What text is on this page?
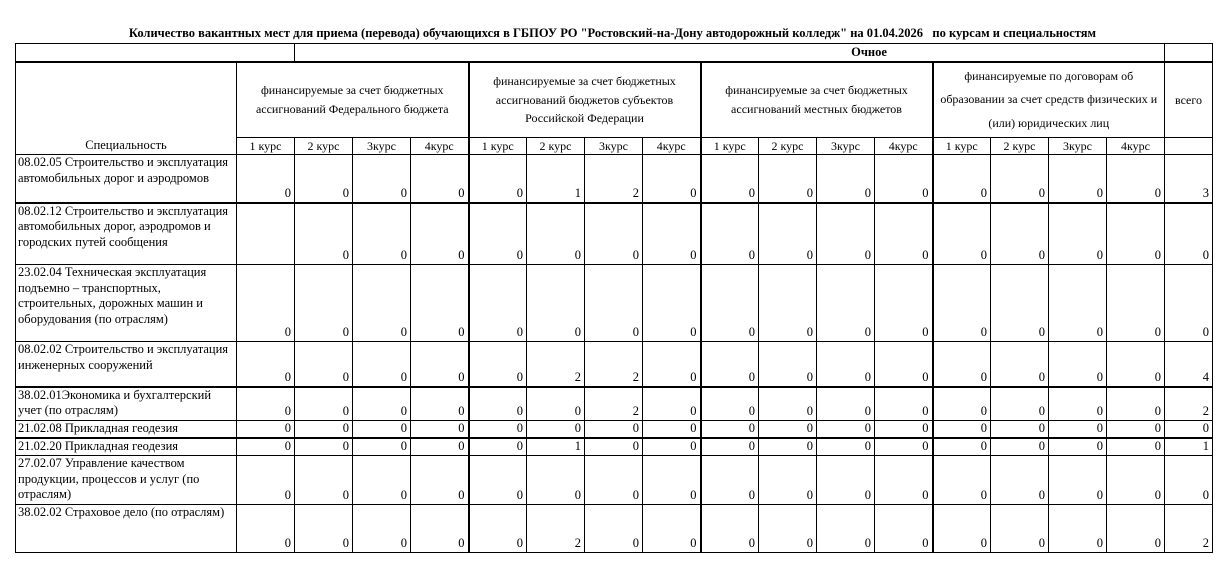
Количество вакантных мест для приема (перевода) обучающихся в ГБПОУ РО "Ростовский-на-Дону автодорожный колледж" на 01.04.2026   по курсам и специальностям
		Очное															
Специальность	финансируемые за счет бюджетных ассигнований Федерального бюджета				финансируемые за счет бюджетных ассигнований бюджетов субъектов Российской Федерации				финансируемые за счет бюджетных ассигнований местных бюджетов				финансируемые по договорам об образовании за счет средств физических и (или) юридических лиц				всего
	1 курс	2 курс	3курс	4курс	1 курс	2 курс	3курс	4курс	1 курс	2 курс	3курс	4курс	1 курс	2 курс	3курс	4курс	
08.02.05 Строительство и эксплуатация автомобильных дорог и аэродромов	0	0	0	0	0	1	2	0	0	0	0	0	0	0	0	0	3
08.02.12 Строительство и эксплуатация автомобильных дорог, аэродромов и городских путей сообщения		0	0	0	0	0	0	0	0	0	0	0	0	0	0	0	0
23.02.04 Техническая эксплуатация подъемно – транспортных, строительных, дорожных машин и оборудования (по отраслям)	0	0	0	0	0	0	0	0	0	0	0	0	0	0	0	0	0
08.02.02 Строительство и эксплуатация инженерных сооружений	0	0	0	0	0	2	2	0	0	0	0	0	0	0	0	0	4
38.02.01Экономика и бухгалтерский учет (по отраслям)	0	0	0	0	0	0	2	0	0	0	0	0	0	0	0	0	2
21.02.08 Прикладная геодезия	0	0	0	0	0	0	0	0	0	0	0	0	0	0	0	0	0
21.02.20 Прикладная геодезия	0	0	0	0	0	1	0	0	0	0	0	0	0	0	0	0	1
27.02.07 Управление качеством продукции, процессов и услуг (по отраслям)	0	0	0	0	0	0	0	0	0	0	0	0	0	0	0	0	0
38.02.02 Страховое дело (по отраслям)	0	0	0	0	0	2	0	0	0	0	0	0	0	0	0	0	2
